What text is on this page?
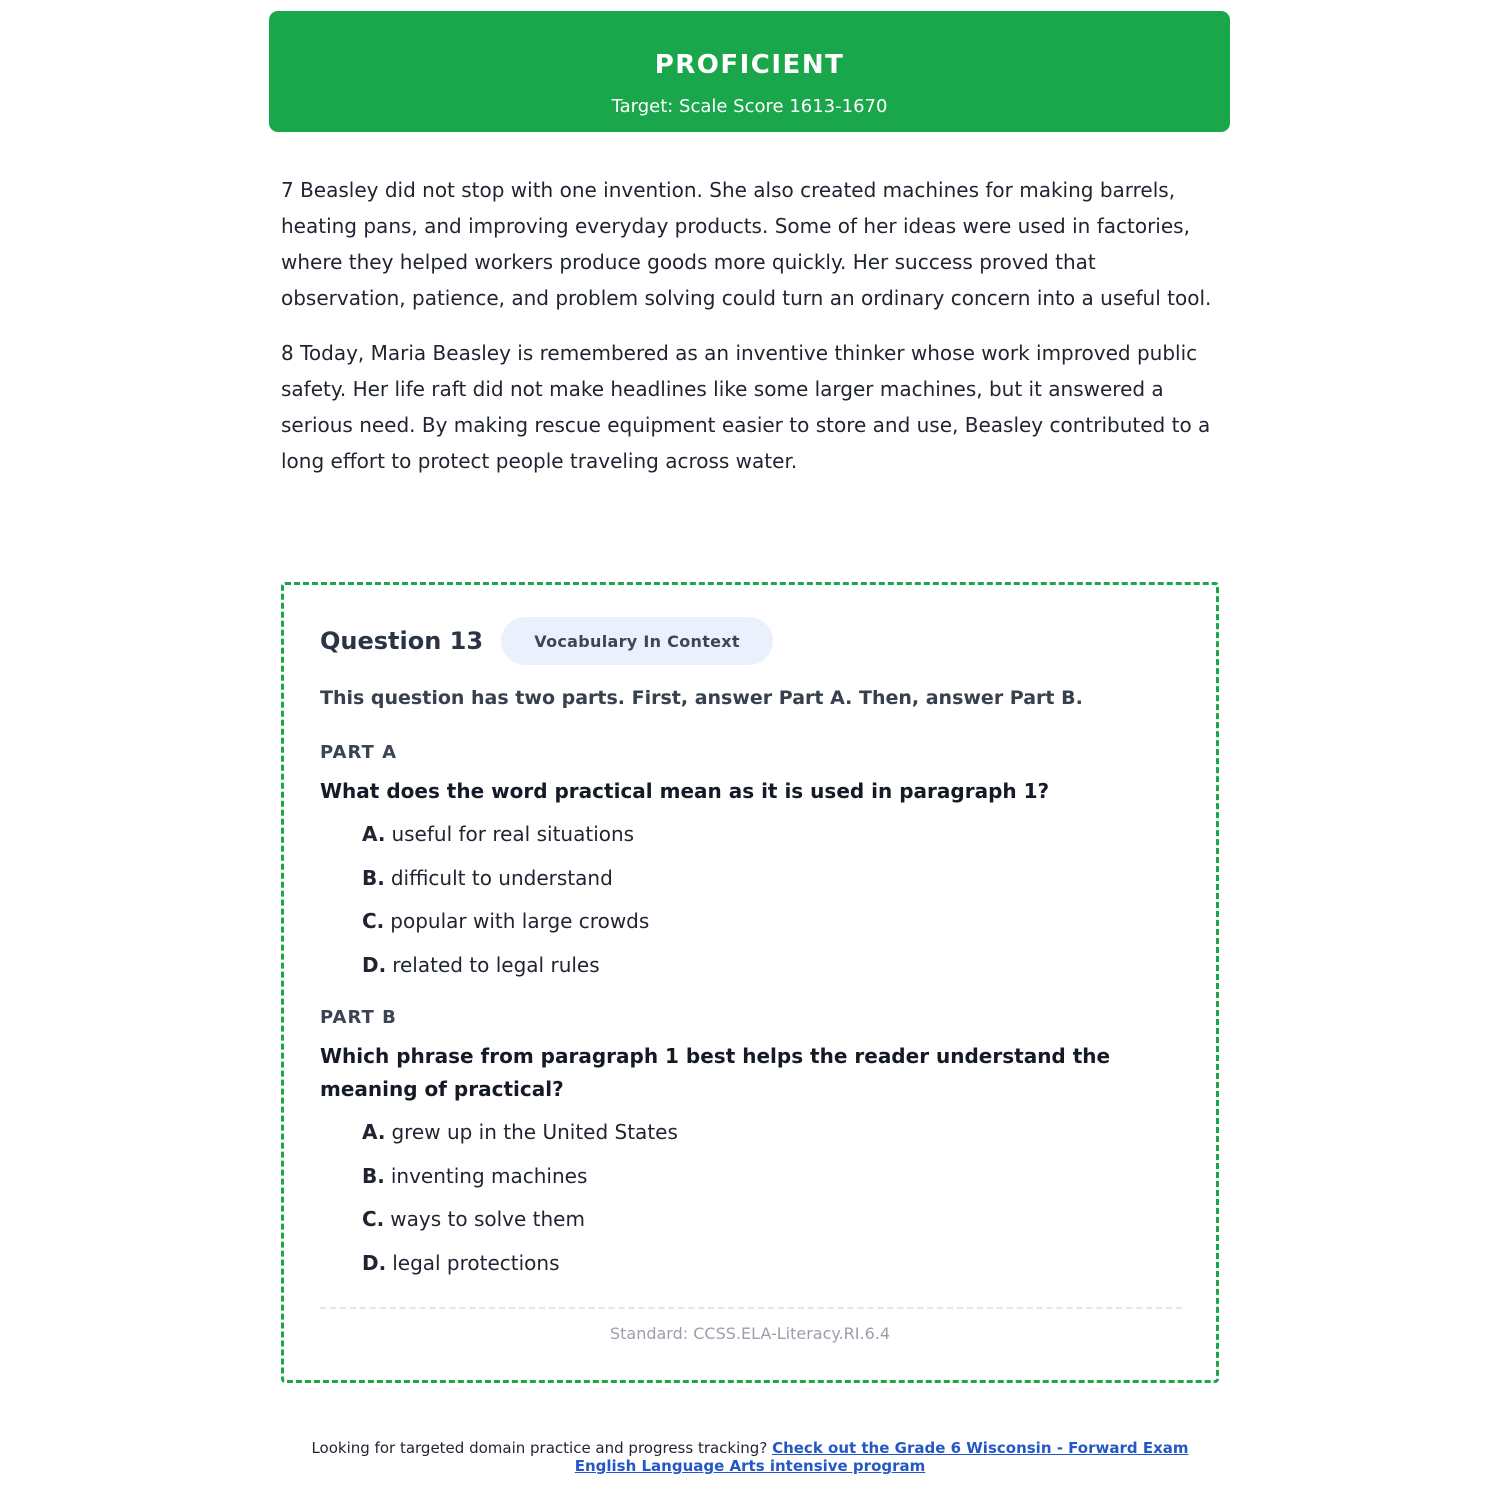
PROFICIENT
Target: Scale Score 1613-1670

7 Beasley did not stop with one invention. She also created machines for making barrels, heating pans, and improving everyday products. Some of her ideas were used in factories, where they helped workers produce goods more quickly. Her success proved that observation, patience, and problem solving could turn an ordinary concern into a useful tool.

8 Today, Maria Beasley is remembered as an inventive thinker whose work improved public safety. Her life raft did not make headlines like some larger machines, but it answered a serious need. By making rescue equipment easier to store and use, Beasley contributed to a long effort to protect people traveling across water.

Question 13	Vocabulary In Context
This question has two parts. First, answer Part A. Then, answer Part B.
PART A
What does the word practical mean as it is used in paragraph 1?
A. useful for real situations
B. difficult to understand
C. popular with large crowds
D. related to legal rules
PART B
Which phrase from paragraph 1 best helps the reader understand the meaning of practical?
A. grew up in the United States
B. inventing machines
C. ways to solve them
D. legal protections
Standard: CCSS.ELA-Literacy.RI.6.4
Looking for targeted domain practice and progress tracking? Check out the Grade 6 Wisconsin - Forward Exam English Language Arts intensive program
